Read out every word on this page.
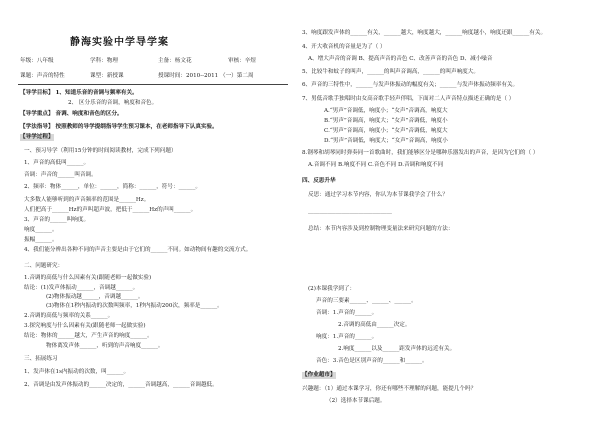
静海实验中学导学案
年级：八年级	学科：物理	主备：杨文花	审核：辛煜
课题：声音的特性	课型：新授课	授课时间：2010--2011 （一）第二周
【导学目标】 1、知道乐音的音调与频率有关。
2、 区分乐音的音调，响度和音色。
【导学重点】 音调、响度和音色的区分。
【学法指导】 按照教师的导学提纲指导学生预习课本，在老师指导下认真实验。
【导学过程】
一、预习导学（利用15分钟的时间阅读教材，完成下列问题）
1、声音的高低叫______。
音调：声音的______叫音调。
2、频率：物体______，单位：______，简称：______，符号：______。
大多数人能够听到的声音频率的范围是______Hz。
人们把高于______Hz的声叫超声波，把低于______Hz的声叫______。
3、声音的______叫响度。
响度______。
振幅______。
4、我们能分辨出各种不同的声音主要是由于它们的______不同。如动物间有趣的交流方式。
二、问题研究：
1.音调的高低与什么因素有关(跟随老师一起做实验)
结论：(1)发声体振动______，音调越______。
(2)物体振动越______，音调越______。
(3)物体在1秒内振动的次数叫频率，1秒内振动200次，频率是______。
2.音调的高低与频率的关系______。
3.探究响度与什么因素有关(跟随老师一起做实验)
结论：物体的______越大，产生声音的响度______。
物体离发声体______，听到的声音响度______。
三、拓展练习
1、发声体在1s内振动的次数，叫______。
2、音调是由发声体振动的______决定的，______音调越高，______音调越低。
3、响度跟发声体的______有关，______越大，响度越大，______响度越小，响度还跟______有关。
4、开大收音机的音量是为了（ ）
A、增大声音的音调 B、提高声音的音色 C、改善声音的音色 D、减小噪音
5、比较牛和蚊子的叫声，______的叫声音调高，______的叫声响度大。
6、声音的三特性中，______与发声体振动的幅度有关；______与发声体振动频率有关。
7、男低音歌手独唱时由女高音歌手轻声伴唱，下面对二人声音特点描述正确的是（ ）
A.“男声”音调低，响度小；“女声”音调高，响度大
B.“男声”音调高，响度大；“女声”音调低，响度小
C.“男声”音调高，响度小；“女声”音调低，响度大
D.“男声”音调低，响度大；“女声”音调高，响度小
8.钢琴和胡琴同时弹奏同一首歌曲时，我们能够区分是哪种乐器发出的声音，是因为它们的（ ）
A.音调不同 B.响度不同 C.音色不同 D.音调和响度不同
四、反思升华
反思：通过学习本节内容，你认为本节课我学会了什么？
______________________________
总结：本节内容涉及到控制物理变量法来研究问题的方法：
(2)本课我学到了：
声音的三要素______、______、______。
音调：1.声音的______。
2.音调的高低由______决定。
响度：1.声音的______。
2.响度______以及______距发声体的远近有关。
音色：3.音色是区别声音的______和______。
【作业超市】
兴趣题：（1）通过本课学习，你还有哪些不理解的问题，能提几个吗？
（2）选择本节课后题。
